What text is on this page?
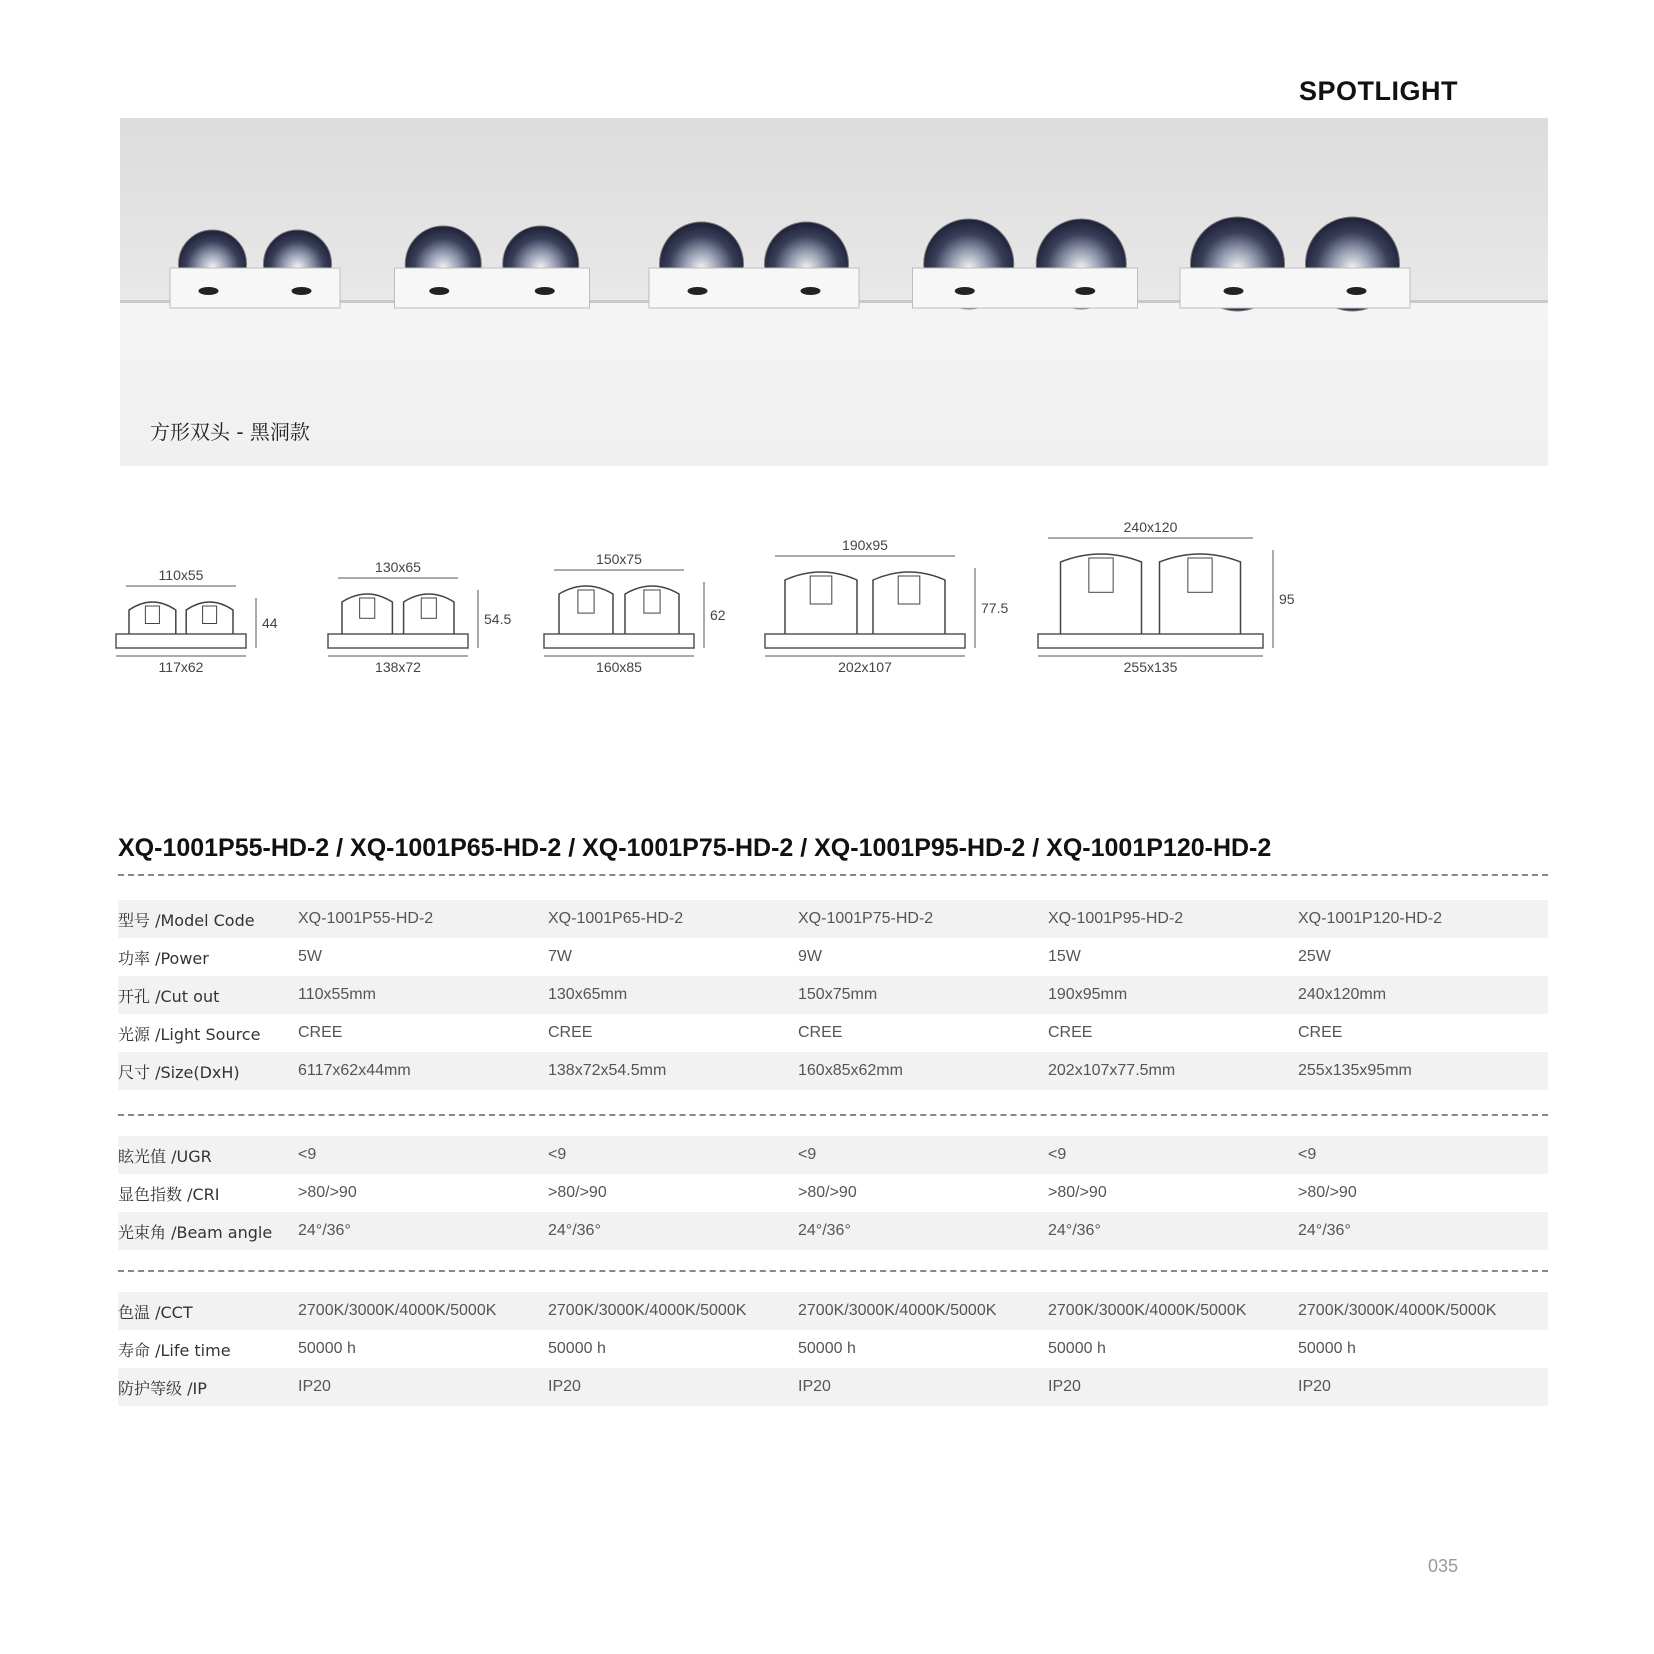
SPOTLIGHT
方形双头 - 黑洞款
110x55
117x62
44
130x65
138x72
54.5
150x75
160x85
62
190x95
202x107
77.5
240x120
255x135
95
XQ-1001P55-HD-2 / XQ-1001P65-HD-2 / XQ-1001P75-HD-2 / XQ-1001P95-HD-2 / XQ-1001P120-HD-2
型号 /Model Code	XQ-1001P55-HD-2	XQ-1001P65-HD-2	XQ-1001P75-HD-2	XQ-1001P95-HD-2	XQ-1001P120-HD-2
功率 /Power	5W	7W	9W	15W	25W
开孔 /Cut out	110x55mm	130x65mm	150x75mm	190x95mm	240x120mm
光源 /Light Source	CREE	CREE	CREE	CREE	CREE
尺寸 /Size(DxH)	6117x62x44mm	138x72x54.5mm	160x85x62mm	202x107x77.5mm	255x135x95mm
眩光值 /UGR	<9	<9	<9	<9	<9
显色指数 /CRI	>80/>90	>80/>90	>80/>90	>80/>90	>80/>90
光束角 /Beam angle	24°/36°	24°/36°	24°/36°	24°/36°	24°/36°
色温 /CCT	2700K/3000K/4000K/5000K	2700K/3000K/4000K/5000K	2700K/3000K/4000K/5000K	2700K/3000K/4000K/5000K	2700K/3000K/4000K/5000K
寿命 /Life time	50000 h	50000 h	50000 h	50000 h	50000 h
防护等级 /IP	IP20	IP20	IP20	IP20	IP20
035
